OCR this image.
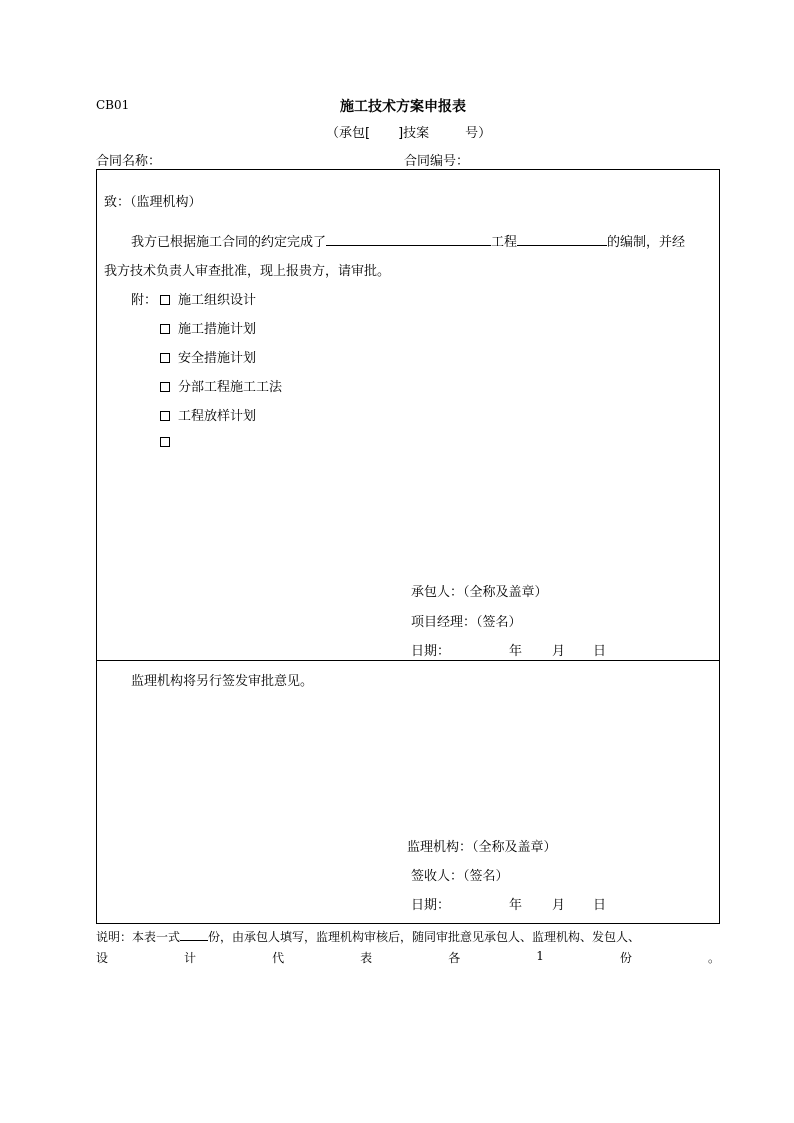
CB01	施工技术方案申报表
（承包[ ]技案	号）
合同名称：	合同编号：
致：（监理机构）
我方已根据施工合同的约定完成了	工程	的编制，并经
我方技术负责人审查批准，现上报贵方，请审批。
附：	施工组织设计
施工措施计划
安全措施计划
分部工程施工工法
工程放样计划
承包人：（全称及盖章）
项目经理：（签名）
日期：	年 月 日
监理机构将另行签发审批意见。
监理机构：（全称及盖章）
签收人：（签名）
日期：	年 月 日
说明：本表一式 份，由承包人填写，监理机构审核后，随同审批意见承包人、监理机构、发包人、
设	计	代	表	各	1	份	。
